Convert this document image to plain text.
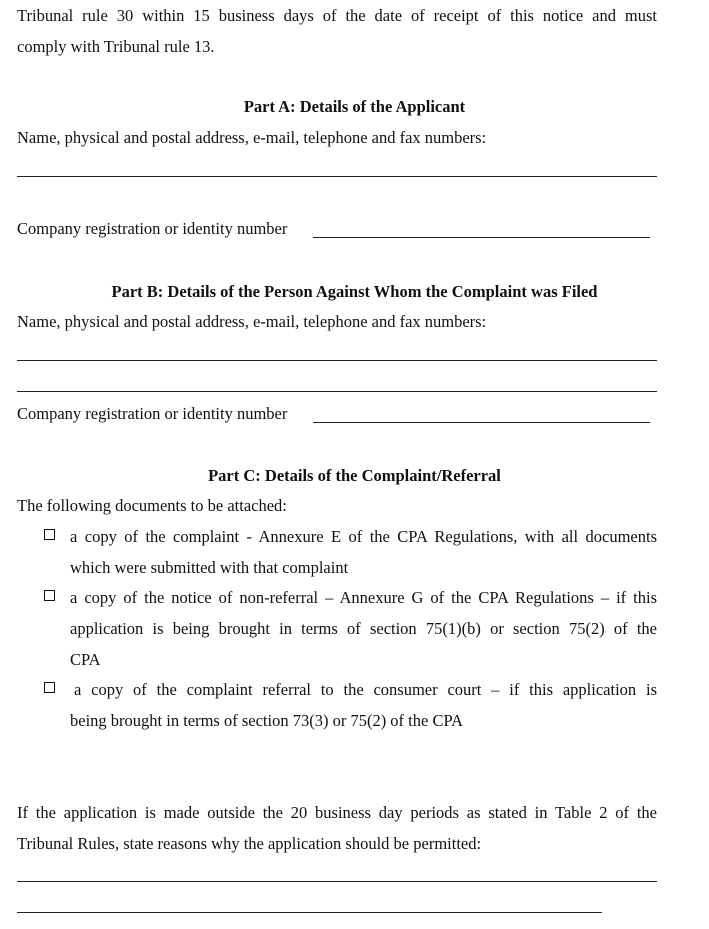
Tribunal rule 30 within 15 business days of the date of receipt of this notice and must
comply with Tribunal rule 13.
Part A: Details of the Applicant
Name, physical and postal address, e-mail, telephone and fax numbers:
Company registration or identity number
Part B: Details of the Person Against Whom the Complaint was Filed
Name, physical and postal address, e-mail, telephone and fax numbers:
Company registration or identity number
Part C: Details of the Complaint/Referral
The following documents to be attached:
a copy of the complaint - Annexure E of the CPA Regulations, with all documents
which were submitted with that complaint
a copy of the notice of non-referral – Annexure G of the CPA Regulations – if this
application is being brought in terms of section 75(1)(b) or section 75(2) of the
CPA
a copy of the complaint referral to the consumer court – if this application is
being brought in terms of section 73(3) or 75(2) of the CPA
If the application is made outside the 20 business day periods as stated in Table 2 of the
Tribunal Rules, state reasons why the application should be permitted:
